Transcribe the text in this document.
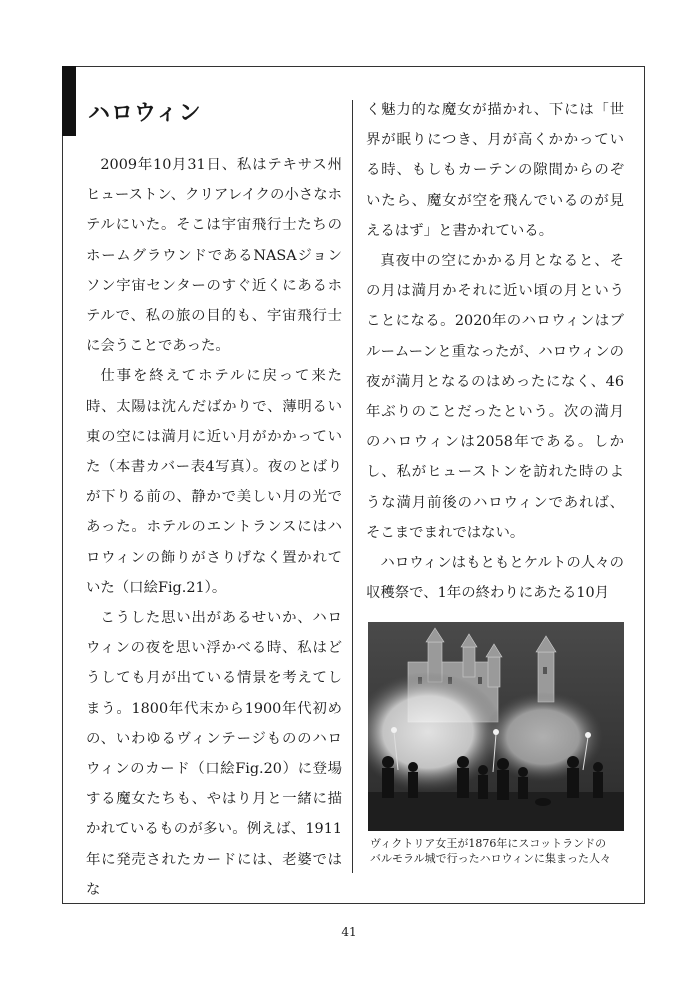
ハロウィン

2009年10月31日、私はテキサス州ヒューストン、クリアレイクの小さなホテルにいた。そこは宇宙飛行士たちのホームグラウンドであるNASAジョンソン宇宙センターのすぐ近くにあるホテルで、私の旅の目的も、宇宙飛行士に会うことであった。

仕事を終えてホテルに戻って来た時、太陽は沈んだばかりで、薄明るい東の空には満月に近い月がかかっていた（本書カバー表4写真）。夜のとばりが下りる前の、静かで美しい月の光であった。ホテルのエントランスにはハロウィンの飾りがさりげなく置かれていた（口絵Fig.21）。

こうした思い出があるせいか、ハロウィンの夜を思い浮かべる時、私はどうしても月が出ている情景を考えてしまう。1800年代末から1900年代初めの、いわゆるヴィンテージもののハロウィンのカード（口絵Fig.20）に登場する魔女たちも、やはり月と一緒に描かれているものが多い。例えば、1911年に発売されたカードには、老婆ではな

く魅力的な魔女が描かれ、下には「世界が眠りにつき、月が高くかかっている時、もしもカーテンの隙間からのぞいたら、魔女が空を飛んでいるのが見えるはず」と書かれている。

真夜中の空にかかる月となると、その月は満月かそれに近い頃の月ということになる。2020年のハロウィンはブルームーンと重なったが、ハロウィンの夜が満月となるのはめったになく、46年ぶりのことだったという。次の満月のハロウィンは2058年である。しかし、私がヒューストンを訪れた時のような満月前後のハロウィンであれば、そこまでまれではない。

ハロウィンはもともとケルトの人々の収穫祭で、1年の終わりにあたる10月

ヴィクトリア女王が1876年にスコットランドの
バルモラル城で行ったハロウィンに集まった人々
41
